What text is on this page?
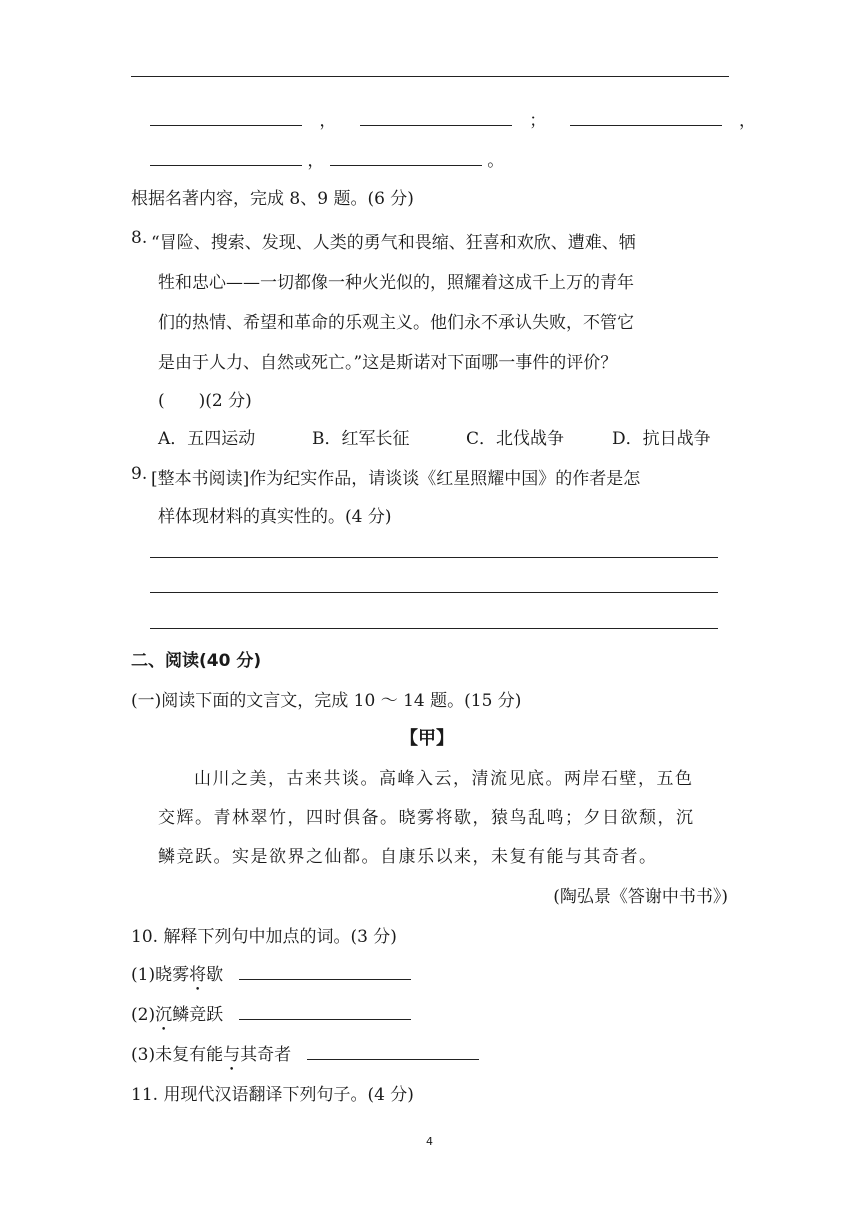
，	；	，
，	。
根据名著内容，完成 8、9 题。(6 分)
8. “冒险、搜索、发现、人类的勇气和畏缩、狂喜和欢欣、遭难、牺
牲和忠心——一切都像一种火光似的，照耀着这成千上万的青年
们的热情、希望和革命的乐观主义。他们永不承认失败，不管它
是由于人力、自然或死亡。”这是斯诺对下面哪一事件的评价？
(　　)(2 分)
A．五四运动	B．红军长征	C．北伐战争	D．抗日战争
9. [整本书阅读]作为纪实作品，请谈谈《红星照耀中国》的作者是怎
样体现材料的真实性的。(4 分)
二、阅读(40 分)
(一)阅读下面的文言文，完成 10 ～ 14 题。(15 分)
【甲】
山川之美，古来共谈。高峰入云，清流见底。两岸石壁，五色
交辉。青林翠竹，四时俱备。晓雾将歇，猿鸟乱鸣；夕日欲颓，沉
鳞竞跃。实是欲界之仙都。自康乐以来，未复有能与其奇者。
(陶弘景《答谢中书书》)
10. 解释下列句中加点的词。(3 分)
(1)晓雾将歇
(2)沉鳞竞跃
(3)未复有能与其奇者
11. 用现代汉语翻译下列句子。(4 分)
4
